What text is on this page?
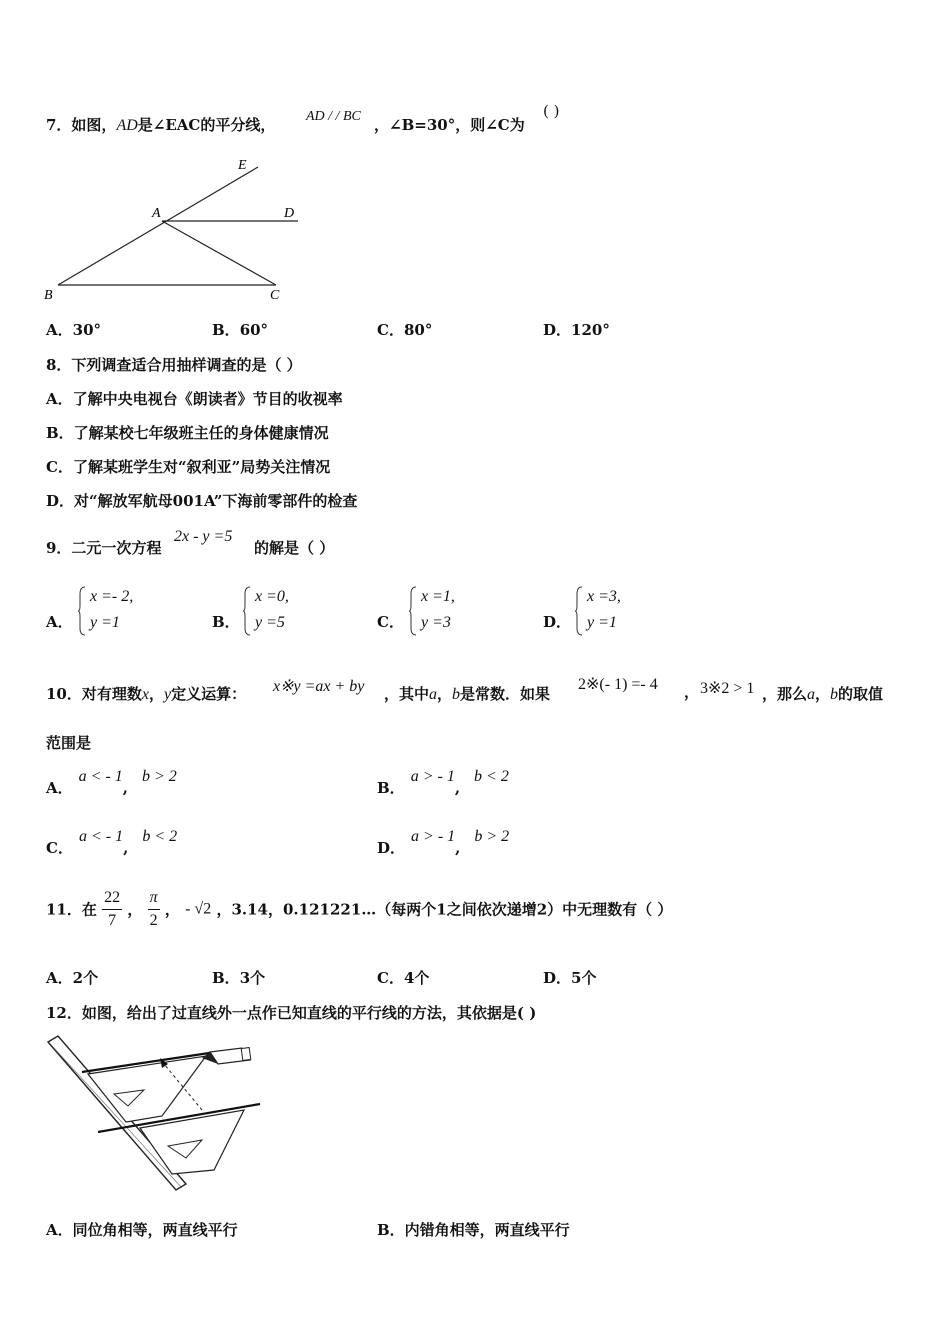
7．如图，AD是∠EAC的平分线， AD / / BC ，∠B=30°，则∠C为
( )
E
A	D
B	C
A．30°	B．60°	C．80°	D．120°
8．下列调查适合用抽样调查的是（ ）
A．了解中央电视台《朗读者》节目的收视率
B．了解某校七年级班主任的身体健康情况
C．了解某班学生对“叙利亚”局势关注情况
D．对“解放军航母001A”下海前零部件的检查
9．二元一次方程
2x - y =5
的解是（ ）
A．
x =- 2,
y =1	B．
x =0,
y =5	C．
x =1,
y =3	D．
x =3,
y =1
10．对有理数x，y定义运算： x※y =ax + by ，其中a，b是常数．如果
2※(- 1) =- 4 ， 3※2 > 1 ，那么a，b的取值
范围是
A．a < - 1,b > 2
B．a > - 1,b < 2
C．a < - 1,b < 2
D．a > - 1,b > 2
11．在 $\frac{22}{7}$ ， $\frac{\pi}{2}$ ， - √2 ，3.14，0.121221…（每两个1之间依次递增2）中无理数有（ ）
A．2个	B．3个	C．4个	D．5个
12．如图，给出了过直线外一点作已知直线的平行线的方法，其依据是( )
A．同位角相等，两直线平行	B．内错角相等，两直线平行
